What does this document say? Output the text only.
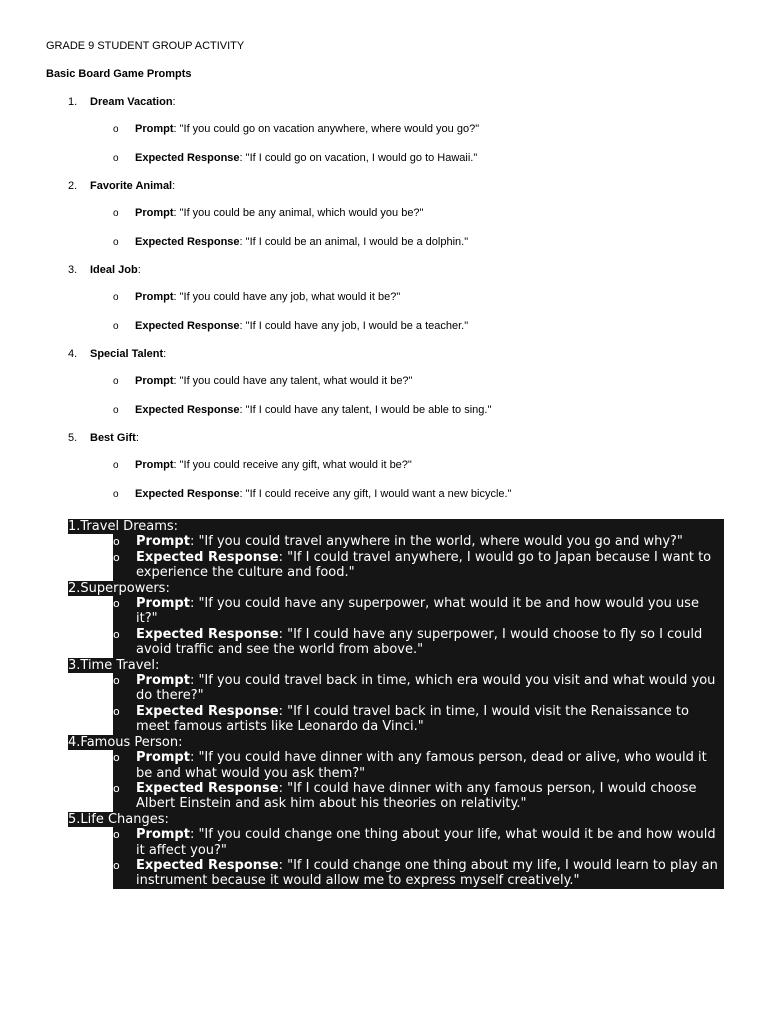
GRADE 9 STUDENT GROUP ACTIVITY
Basic Board Game Prompts
1. Dream Vacation:
o Prompt: "If you could go on vacation anywhere, where would you go?"
o Expected Response: "If I could go on vacation, I would go to Hawaii."
2. Favorite Animal:
o Prompt: "If you could be any animal, which would you be?"
o Expected Response: "If I could be an animal, I would be a dolphin."
3. Ideal Job:
o Prompt: "If you could have any job, what would it be?"
o Expected Response: "If I could have any job, I would be a teacher."
4. Special Talent:
o Prompt: "If you could have any talent, what would it be?"
o Expected Response: "If I could have any talent, I would be able to sing."
5. Best Gift:
o Prompt: "If you could receive any gift, what would it be?"
o Expected Response: "If I could receive any gift, I would want a new bicycle."
1.Travel Dreams:
o Prompt: "If you could travel anywhere in the world, where would you go and why?"
o Expected Response: "If I could travel anywhere, I would go to Japan because I want to experience the culture and food."
2.Superpowers:
o Prompt: "If you could have any superpower, what would it be and how would you use it?"
o Expected Response: "If I could have any superpower, I would choose to fly so I could avoid traffic and see the world from above."
3.Time Travel:
o Prompt: "If you could travel back in time, which era would you visit and what would you do there?"
o Expected Response: "If I could travel back in time, I would visit the Renaissance to meet famous artists like Leonardo da Vinci."
4.Famous Person:
o Prompt: "If you could have dinner with any famous person, dead or alive, who would it be and what would you ask them?"
o Expected Response: "If I could have dinner with any famous person, I would choose Albert Einstein and ask him about his theories on relativity."
5.Life Changes:
o Prompt: "If you could change one thing about your life, what would it be and how would it affect you?"
o Expected Response: "If I could change one thing about my life, I would learn to play an instrument because it would allow me to express myself creatively."
